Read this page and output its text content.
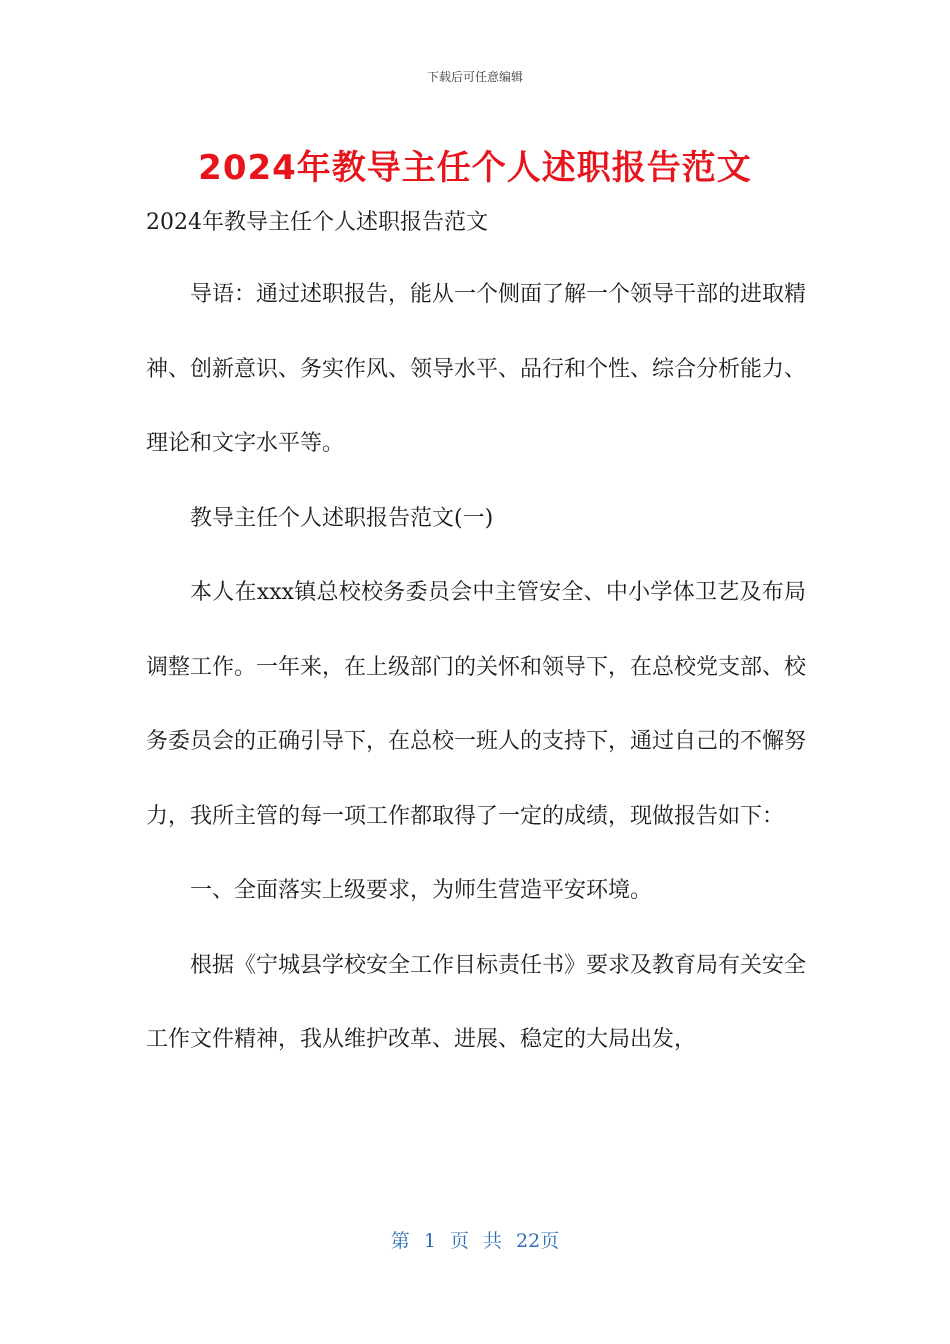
下载后可任意编辑
2024年教导主任个人述职报告范文
2024年教导主任个人述职报告范文

导语：通过述职报告，能从一个侧面了解一个领导干部的进取精神、创新意识、务实作风、领导水平、品行和个性、综合分析能力、理论和文字水平等。

教导主任个人述职报告范文(一)

本人在xxx镇总校校务委员会中主管安全、中小学体卫艺及布局调整工作。一年来，在上级部门的关怀和领导下，在总校党支部、校务委员会的正确引导下，在总校一班人的支持下，通过自己的不懈努力，我所主管的每一项工作都取得了一定的成绩，现做报告如下：

一、全面落实上级要求，为师生营造平安环境。

根据《宁城县学校安全工作目标责任书》要求及教育局有关安全工作文件精神，我从维护改革、进展、稳定的大局出发，

第 1 页 共 22页
